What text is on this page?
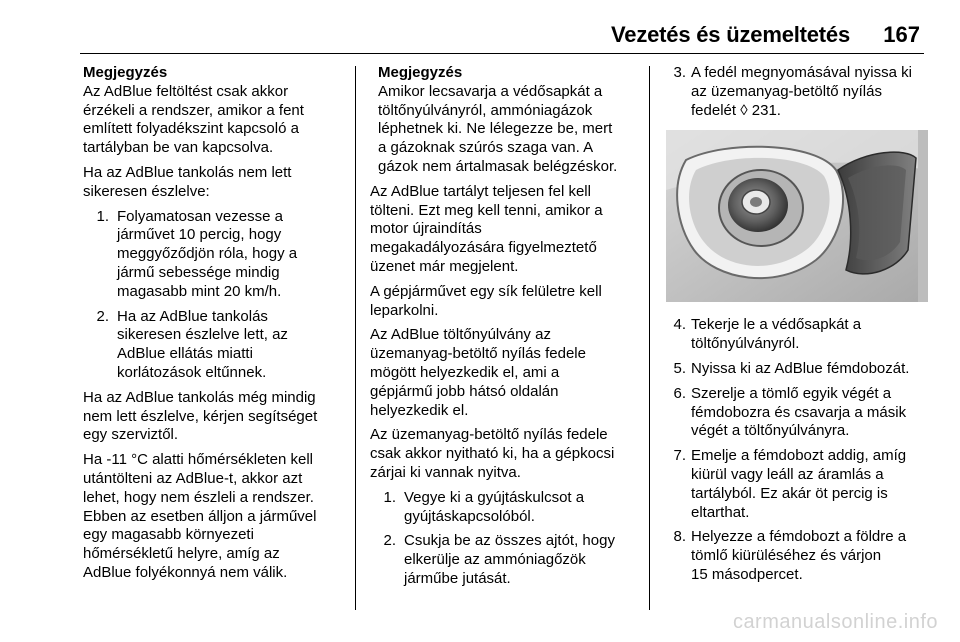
Vezetés és üzemeltetés 167
Megjegyzés
Az AdBlue feltöltést csak akkor
érzékeli a rendszer, amikor a fent
említett folyadékszint kapcsoló a
tartályban be van kapcsolva.

Ha az AdBlue tankolás nem lett
sikeresen észlelve:

1. Folyamatosan vezesse a
járművet 10 percig, hogy
meggyőződjön róla, hogy a
jármű sebessége mindig
magasabb mint 20 km/h.
2. Ha az AdBlue tankolás
sikeresen észlelve lett, az
AdBlue ellátás miatti
korlátozások eltűnnek.

Ha az AdBlue tankolás még mindig
nem lett észlelve, kérjen segítséget
egy szerviztől.

Ha -11 °C alatti hőmérsékleten kell
utántölteni az AdBlue-t, akkor azt
lehet, hogy nem észleli a rendszer.
Ebben az esetben álljon a járművel
egy magasabb környezeti
hőmérsékletű helyre, amíg az
AdBlue folyékonnyá nem válik.

Megjegyzés
Amikor lecsavarja a védősapkát a
töltőnyúlványról, ammóniagázok
léphetnek ki. Ne lélegezze be, mert
a gázoknak szúrós szaga van. A
gázok nem ártalmasak belégzéskor.

Az AdBlue tartályt teljesen fel kell
tölteni. Ezt meg kell tenni, amikor a
motor újraindítás
megakadályozására figyelmeztető
üzenet már megjelent.

A gépjárművet egy sík felületre kell
leparkolni.

Az AdBlue töltőnyúlvány az
üzemanyag-betöltő nyílás fedele
mögött helyezkedik el, ami a
gépjármű jobb hátsó oldalán
helyezkedik el.

Az üzemanyag-betöltő nyílás fedele
csak akkor nyitható ki, ha a gépkocsi
zárjai ki vannak nyitva.

1. Vegye ki a gyújtáskulcsot a
gyújtáskapcsolóból.
2. Csukja be az összes ajtót, hogy
elkerülje az ammóniagőzök
járműbe jutását.
3. A fedél megnyomásával nyissa ki
az üzemanyag-betöltő nyílás
fedelét ◊ 231.
4. Tekerje le a védősapkát a
töltőnyúlványról.
5. Nyissa ki az AdBlue fémdobozát.
6. Szerelje a tömlő egyik végét a
fémdobozra és csavarja a másik
végét a töltőnyúlványra.
7. Emelje a fémdobozt addig, amíg
kiürül vagy leáll az áramlás a
tartályból. Ez akár öt percig is
eltarthat.
8. Helyezze a fémdobozt a földre a
tömlő kiürüléséhez és várjon
15 másodpercet.
carmanualsonline.info
